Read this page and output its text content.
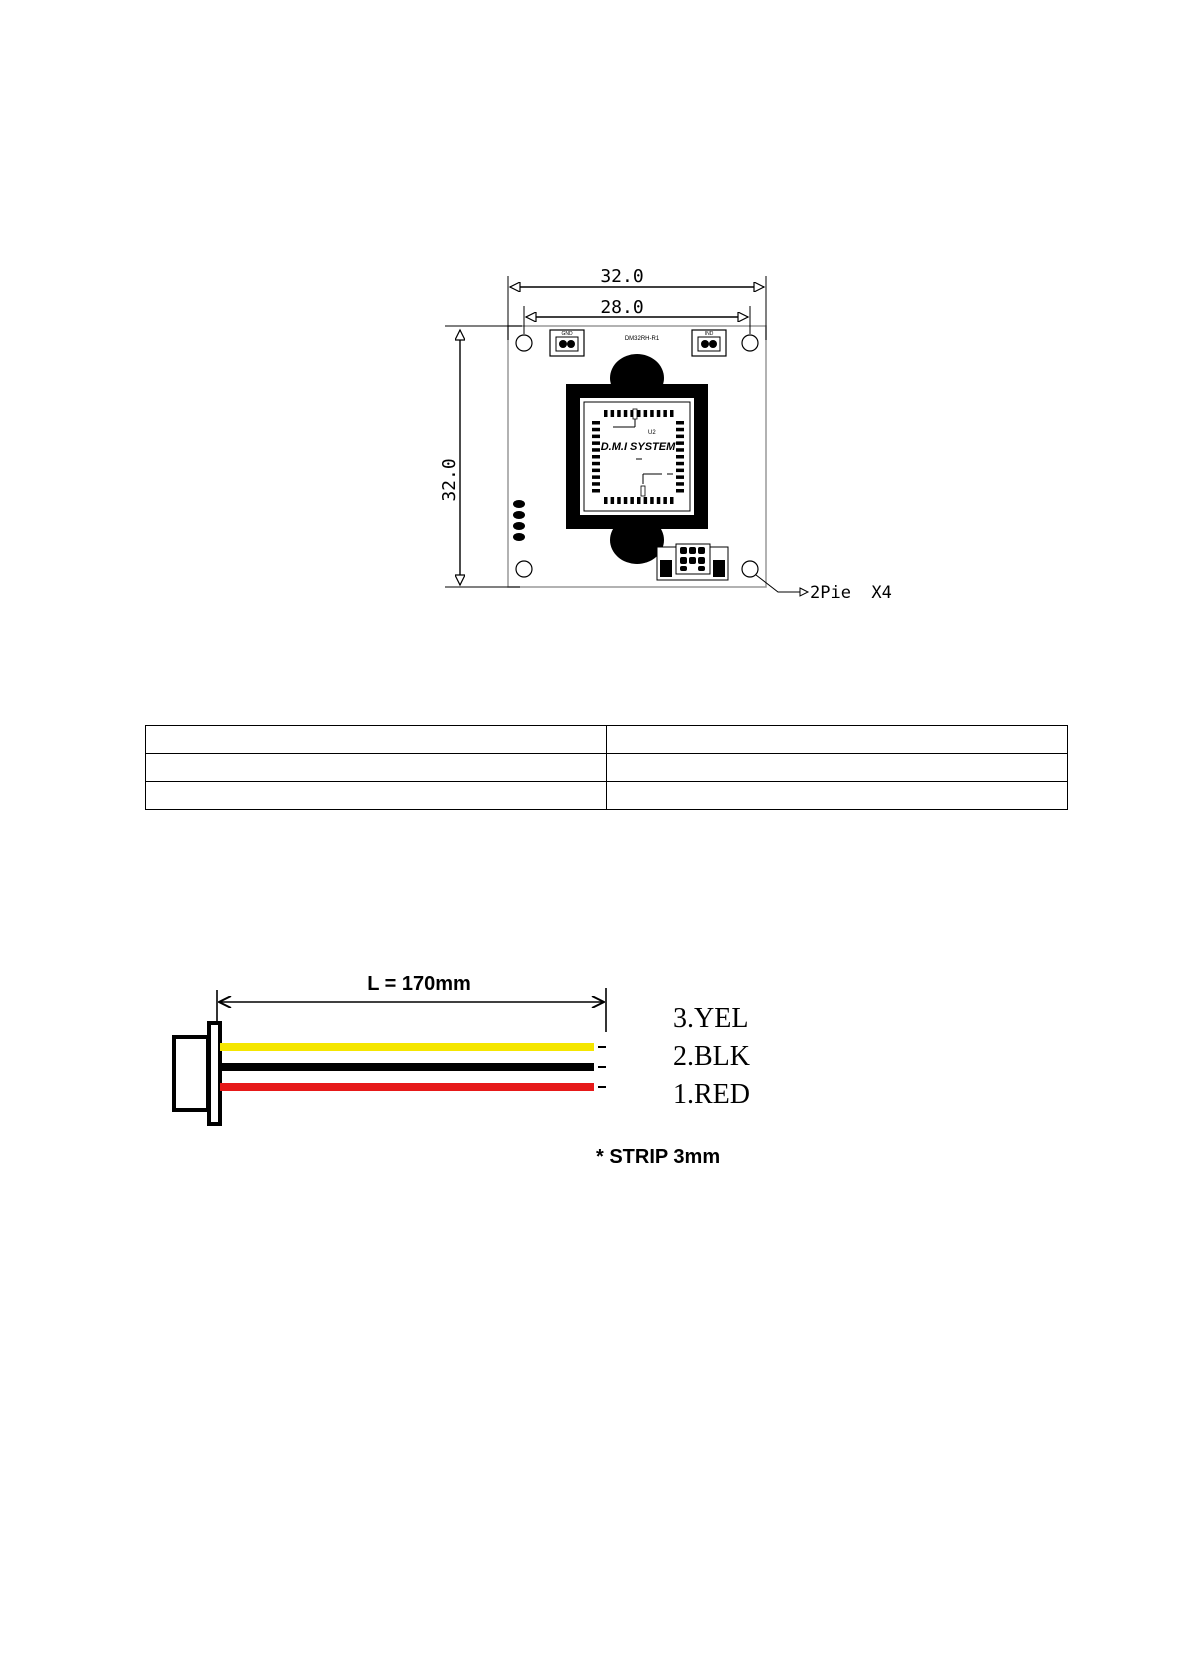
32.0
28.0
32.0
2Pie  X4
GND
DM32RH-R1
IND
U2
D.M.I SYSTEM

L = 170mm
3.YEL
2.BLK
1.RED
* STRIP 3mm
